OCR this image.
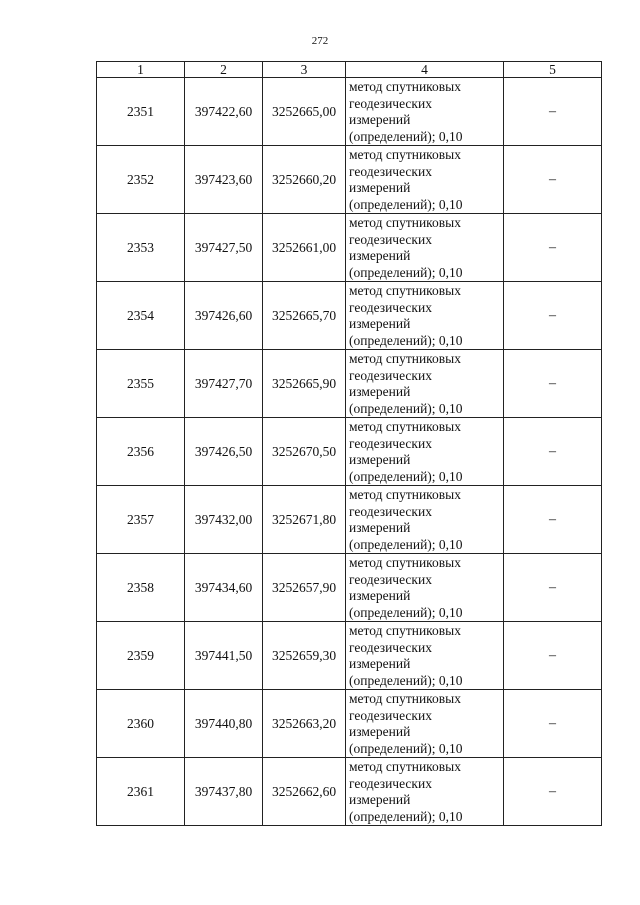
272
1	2	3	4	5
2351	397422,60	3252665,00	метод спутниковых
геодезических
измерений
(определений); 0,10	–
2352	397423,60	3252660,20	метод спутниковых
геодезических
измерений
(определений); 0,10	–
2353	397427,50	3252661,00	метод спутниковых
геодезических
измерений
(определений); 0,10	–
2354	397426,60	3252665,70	метод спутниковых
геодезических
измерений
(определений); 0,10	–
2355	397427,70	3252665,90	метод спутниковых
геодезических
измерений
(определений); 0,10	–
2356	397426,50	3252670,50	метод спутниковых
геодезических
измерений
(определений); 0,10	–
2357	397432,00	3252671,80	метод спутниковых
геодезических
измерений
(определений); 0,10	–
2358	397434,60	3252657,90	метод спутниковых
геодезических
измерений
(определений); 0,10	–
2359	397441,50	3252659,30	метод спутниковых
геодезических
измерений
(определений); 0,10	–
2360	397440,80	3252663,20	метод спутниковых
геодезических
измерений
(определений); 0,10	–
2361	397437,80	3252662,60	метод спутниковых
геодезических
измерений
(определений); 0,10	–
